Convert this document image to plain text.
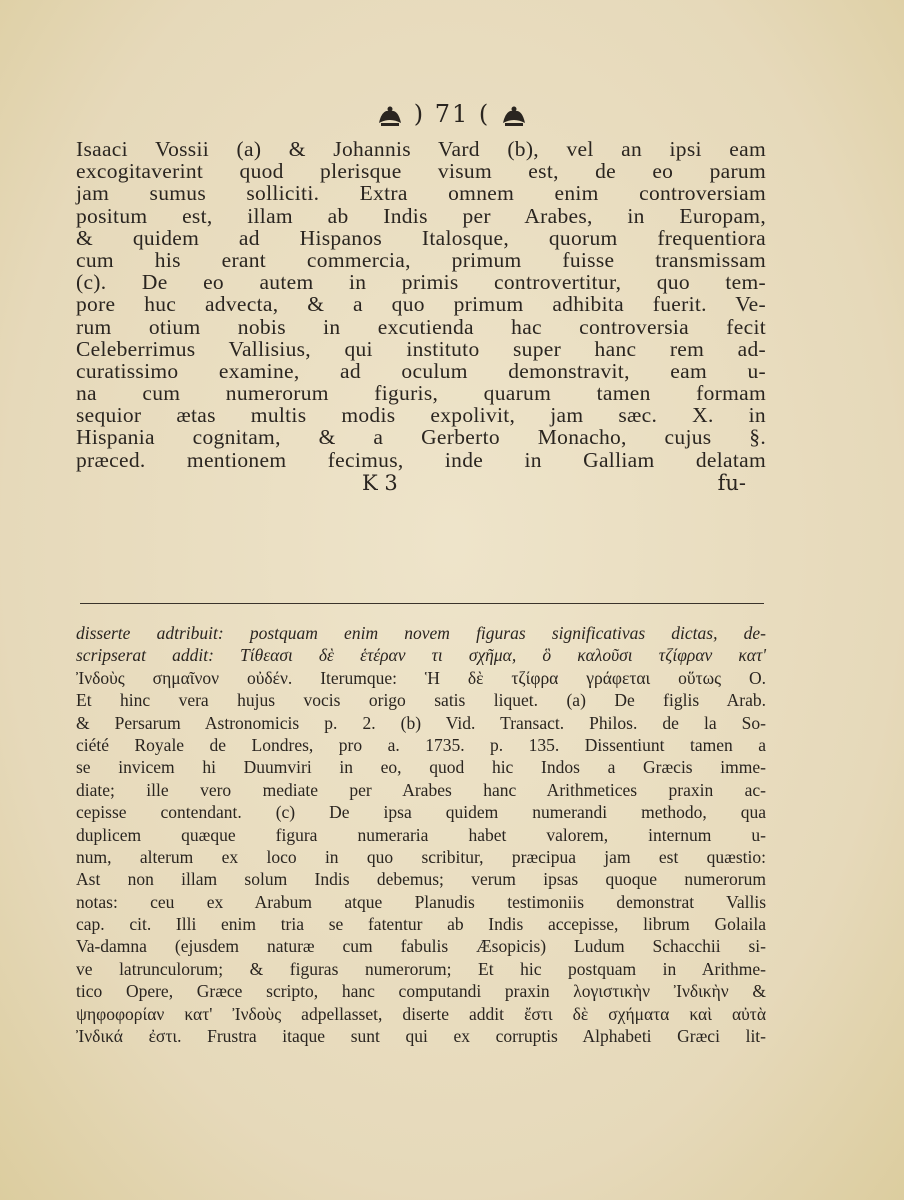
) 71 (
Isaaci Vossii (a) & Johannis Vard (b), vel an ipsi eam
excogitaverint quod plerisque visum est, de eo parum
jam sumus solliciti. Extra omnem enim controversiam
positum est, illam ab Indis per Arabes, in Europam,
& quidem ad Hispanos Italosque, quorum frequentiora
cum his erant commercia, primum fuisse transmissam
(c). De eo autem in primis controvertitur, quo tem-
pore huc advecta, & a quo primum adhibita fuerit. Ve-
rum otium nobis in excutienda hac controversia fecit
Celeberrimus Vallisius, qui instituto super hanc rem ad-
curatissimo examine, ad oculum demonstravit, eam u-
na cum numerorum figuris, quarum tamen formam
sequior ætas multis modis expolivit, jam sæc. X. in
Hispania cognitam, & a Gerberto Monacho, cujus §.
præced. mentionem fecimus, inde in Galliam delatam
K 3	fu-
disserte adtribuit: postquam enim novem figuras significativas dictas, de-
scripserat addit: Τίθεασι δὲ ἑτέραν τι σχῆμα, ὃ καλοῦσι τζίφραν κατ'
Ἰνδοὺς σημαῖνον οὐδέν. Iterumque: Ἡ δὲ τζίφρα γράφεται οὕτως Ο.
Et hinc vera hujus vocis origo satis liquet. (a) De figlis Arab.
& Persarum Astronomicis p. 2. (b) Vid. Transact. Philos. de la So-
ciété Royale de Londres, pro a. 1735. p. 135. Dissentiunt tamen a
se invicem hi Duumviri in eo, quod hic Indos a Græcis imme-
diate; ille vero mediate per Arabes hanc Arithmetices praxin ac-
cepisse contendant. (c) De ipsa quidem numerandi methodo, qua
duplicem quæque figura numeraria habet valorem, internum u-
num, alterum ex loco in quo scribitur, præcipua jam est quæstio:
Ast non illam solum Indis debemus; verum ipsas quoque numerorum
notas: ceu ex Arabum atque Planudis testimoniis demonstrat Vallis
cap. cit. Illi enim tria se fatentur ab Indis accepisse, librum Golaila
Va-damna (ejusdem naturæ cum fabulis Æsopicis) Ludum Schacchii si-
ve latrunculorum; & figuras numerorum; Et hic postquam in Arithme-
tico Opere, Græce scripto, hanc computandi praxin λογιστικὴν Ἰνδικὴν &
ψηφοφορίαν κατ' Ἰνδοὺς adpellasset, diserte addit ἔστι δὲ σχήματα καὶ αὐτὰ
Ἰνδικά ἐστι. Frustra itaque sunt qui ex corruptis Alphabeti Græci lit-
